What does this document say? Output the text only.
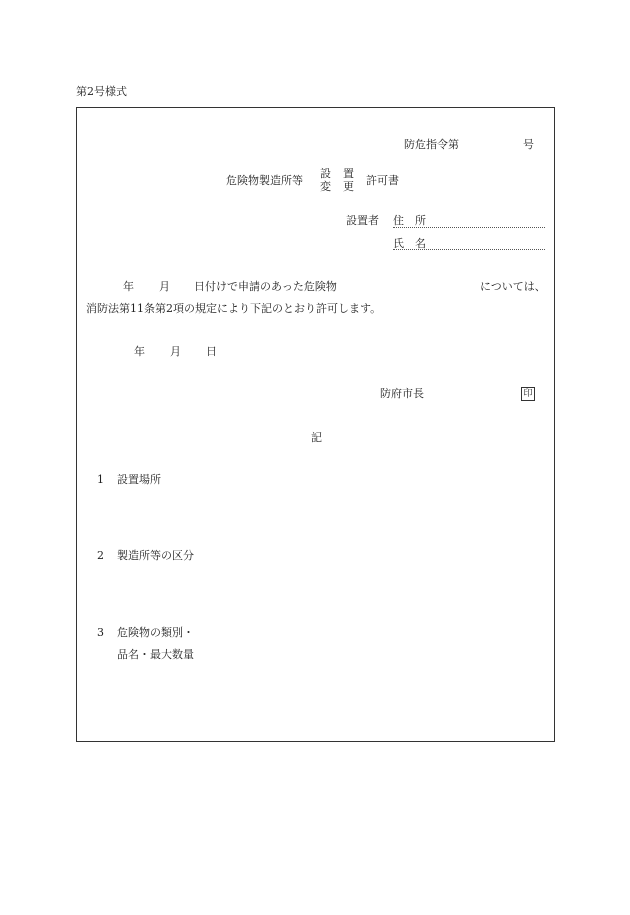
第2号様式
防危指令第	号
危険物製造所等
設 置
変 更 許可書
設置者 住　所
氏　名
年 月 日付けで申請のあった危険物	については、
消防法第11条第2項の規定により下記のとおり許可します。
年 月 日
防府市長	印
記
1 設置場所
2 製造所等の区分
3 危険物の類別・
品名・最大数量
